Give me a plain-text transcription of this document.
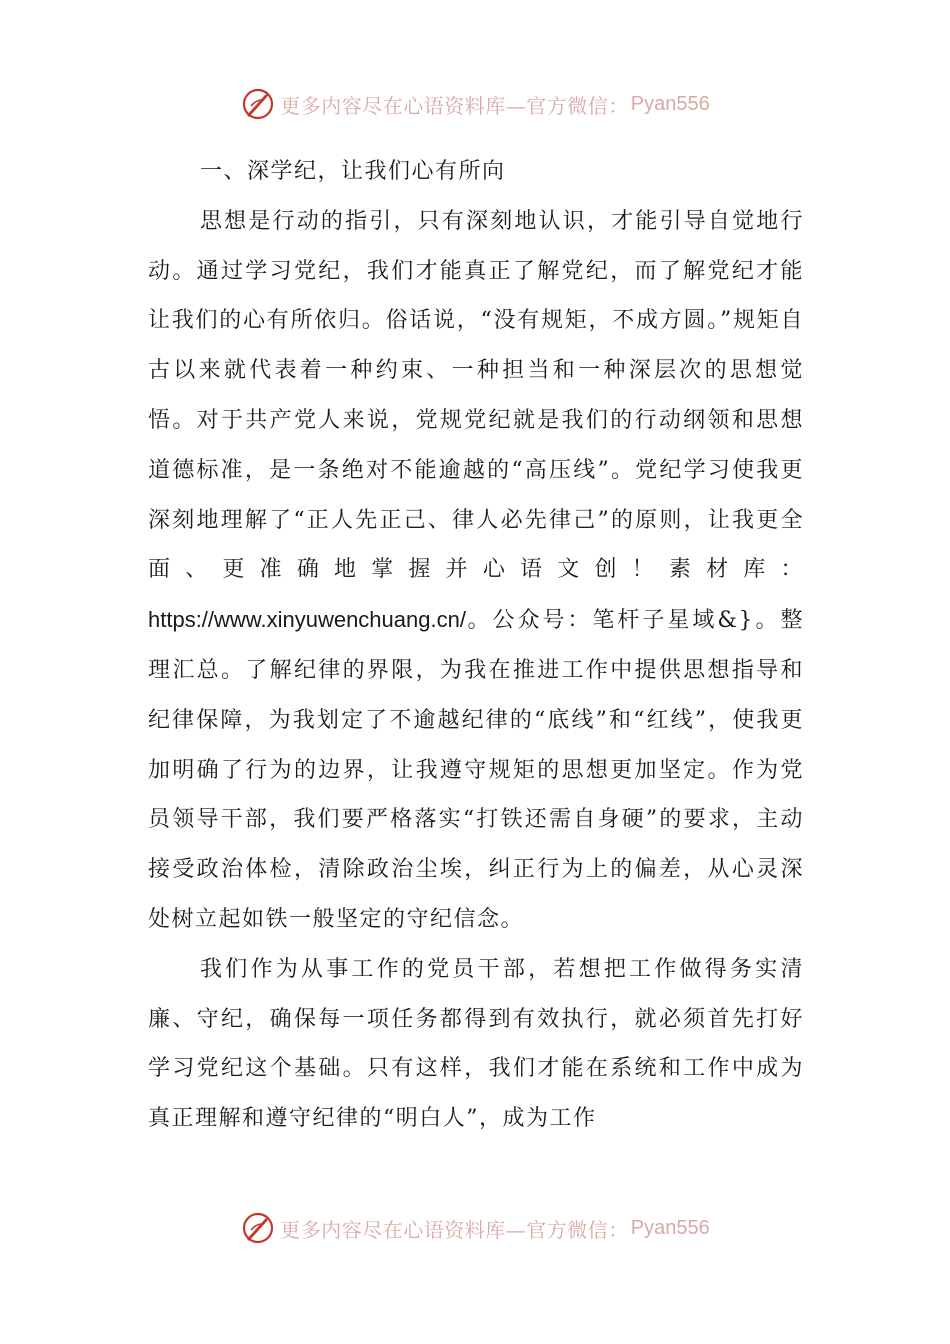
更多内容尽在心语资料库—官方微信： Pyan556

一、深学纪，让我们心有所向

思想是行动的指引，只有深刻地认识，才能引导自觉地行动。通过学习党纪，我们才能真正了解党纪，而了解党纪才能让我们的心有所依归。俗话说，“没有规矩，不成方圆。”规矩自古以来就代表着一种约束、一种担当和一种深层次的思想觉悟。对于共产党人来说，党规党纪就是我们的行动纲领和思想道德标准，是一条绝对不能逾越的“高压线”。党纪学习使我更深刻地理解了“正人先正己、律人必先律己”的原则，让我更全面、更准确地掌握并心语文创！素材库：https://www.xinyuwenchuang.cn/。公众号：笔杆子星域&}。整理汇总。了解纪律的界限，为我在推进工作中提供思想指导和纪律保障，为我划定了不逾越纪律的“底线”和“红线”，使我更加明确了行为的边界，让我遵守规矩的思想更加坚定。作为党员领导干部，我们要严格落实“打铁还需自身硬”的要求，主动接受政治体检，清除政治尘埃，纠正行为上的偏差，从心灵深处树立起如铁一般坚定的守纪信念。

我们作为从事工作的党员干部，若想把工作做得务实清廉、守纪，确保每一项任务都得到有效执行，就必须首先打好学习党纪这个基础。只有这样，我们才能在系统和工作中成为真正理解和遵守纪律的“明白人”，成为工作

更多内容尽在心语资料库—官方微信： Pyan556
